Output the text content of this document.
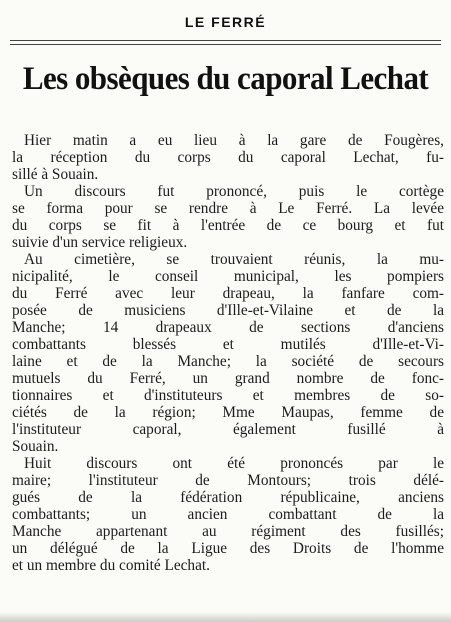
LE FERRÉ
Les obsèques du caporal Lechat
Hier matin a eu lieu à la gare de Fougères,
la réception du corps du caporal Lechat, fu-
sillé à Souain.
Un discours fut prononcé, puis le cortège
se forma pour se rendre à Le Ferré. La levée
du corps se fit à l'entrée de ce bourg et fut
suivie d'un service religieux.
Au cimetière, se trouvaient réunis, la mu-
nicipalité, le conseil municipal, les pompiers
du Ferré avec leur drapeau, la fanfare com-
posée de musiciens d'Ille-et-Vilaine et de la
Manche; 14 drapeaux de sections d'anciens
combattants blessés et mutilés d'Ille-et-Vi-
laine et de la Manche; la société de secours
mutuels du Ferré, un grand nombre de fonc-
tionnaires et d'instituteurs et membres de so-
ciétés de la région; Mme Maupas, femme de
l'instituteur caporal, également fusillé à
Souain.
Huit discours ont été prononcés par le
maire; l'instituteur de Montours; trois délé-
gués de la fédération républicaine, anciens
combattants; un ancien combattant de la
Manche appartenant au régiment des fusillés;
un délégué de la Ligue des Droits de l'homme
et un membre du comité Lechat.
